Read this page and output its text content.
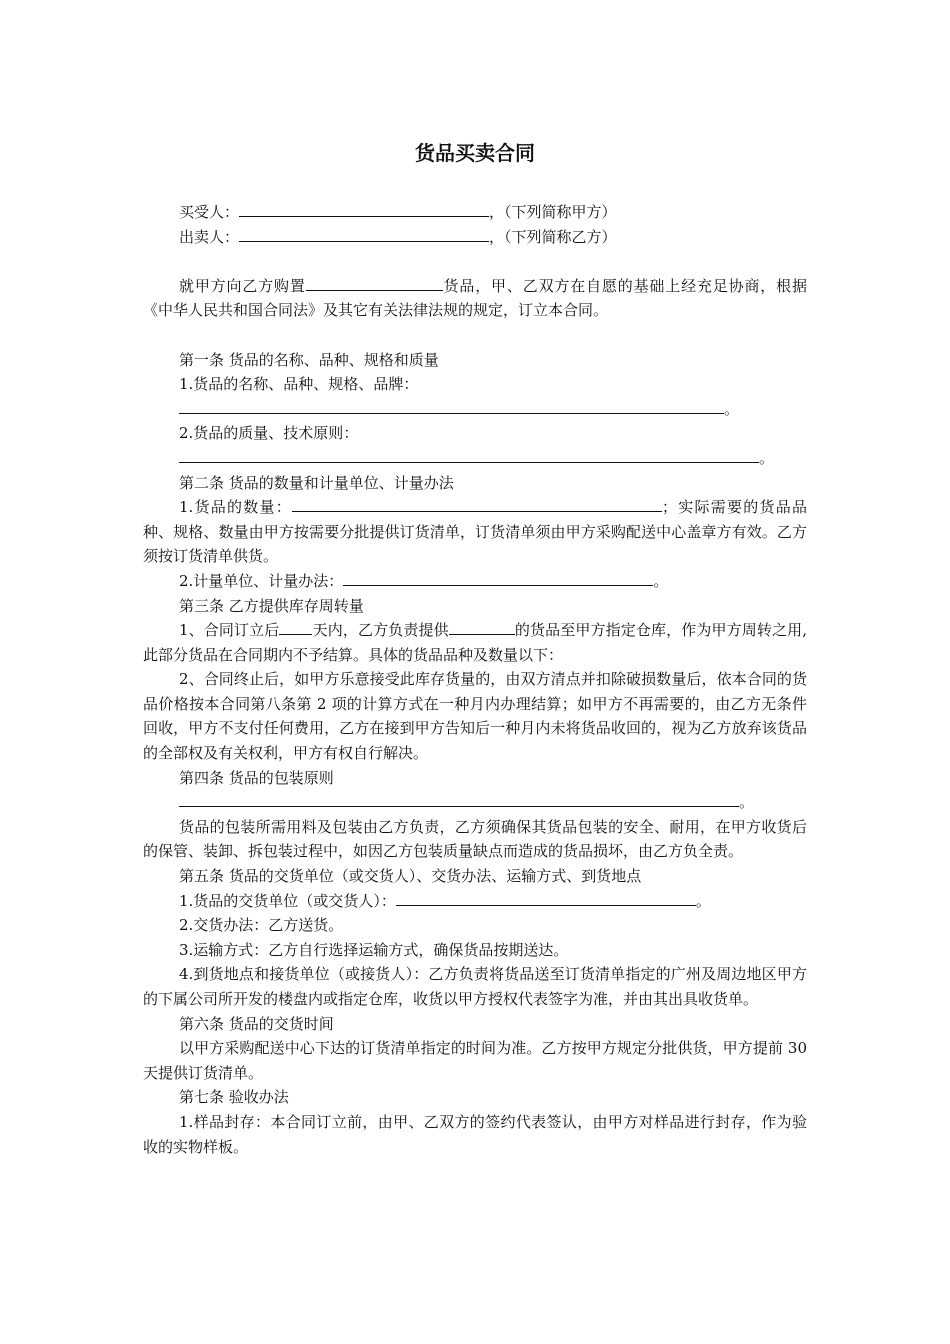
货品买卖合同

买受人：	，（下列简称甲方）

出卖人：	，（下列简称乙方）

就甲方向乙方购置	货品，甲、乙双方在自愿的基础上经充足协商，根据《中华人民共和国合同法》及其它有关法律法规的规定，订立本合同。

第一条 货品的名称、品种、规格和质量

1.货品的名称、品种、规格、品牌：

。

2.货品的质量、技术原则：

。

第二条 货品的数量和计量单位、计量办法

1.货品的数量：	；实际需要的货品品种、规格、数量由甲方按需要分批提供订货清单，订货清单须由甲方采购配送中心盖章方有效。乙方须按订货清单供货。

2.计量单位、计量办法：	。

第三条 乙方提供库存周转量

1、合同订立后 天内，乙方负责提供	的货品至甲方指定仓库，作为甲方周转之用,此部分货品在合同期内不予结算。具体的货品品种及数量以下：

2、合同终止后，如甲方乐意接受此库存货量的，由双方清点并扣除破损数量后，依本合同的货品价格按本合同第八条第 2 项的计算方式在一种月内办理结算；如甲方不再需要的，由乙方无条件回收，甲方不支付任何费用，乙方在接到甲方告知后一种月内未将货品收回的，视为乙方放弃该货品的全部权及有关权利，甲方有权自行解决。

第四条 货品的包装原则

。

货品的包装所需用料及包装由乙方负责，乙方须确保其货品包装的安全、耐用，在甲方收货后的保管、装卸、拆包装过程中，如因乙方包装质量缺点而造成的货品损坏，由乙方负全责。

第五条 货品的交货单位（或交货人）、交货办法、运输方式、到货地点

1.货品的交货单位（或交货人）：	。

2.交货办法：乙方送货。

3.运输方式：乙方自行选择运输方式，确保货品按期送达。

4.到货地点和接货单位（或接货人）：乙方负责将货品送至订货清单指定的广州及周边地区甲方的下属公司所开发的楼盘内或指定仓库，收货以甲方授权代表签字为准，并由其出具收货单。

第六条 货品的交货时间

以甲方采购配送中心下达的订货清单指定的时间为准。乙方按甲方规定分批供货，甲方提前 30 天提供订货清单。

第七条 验收办法

1.样品封存：本合同订立前，由甲、乙双方的签约代表签认，由甲方对样品进行封存，作为验收的实物样板。
